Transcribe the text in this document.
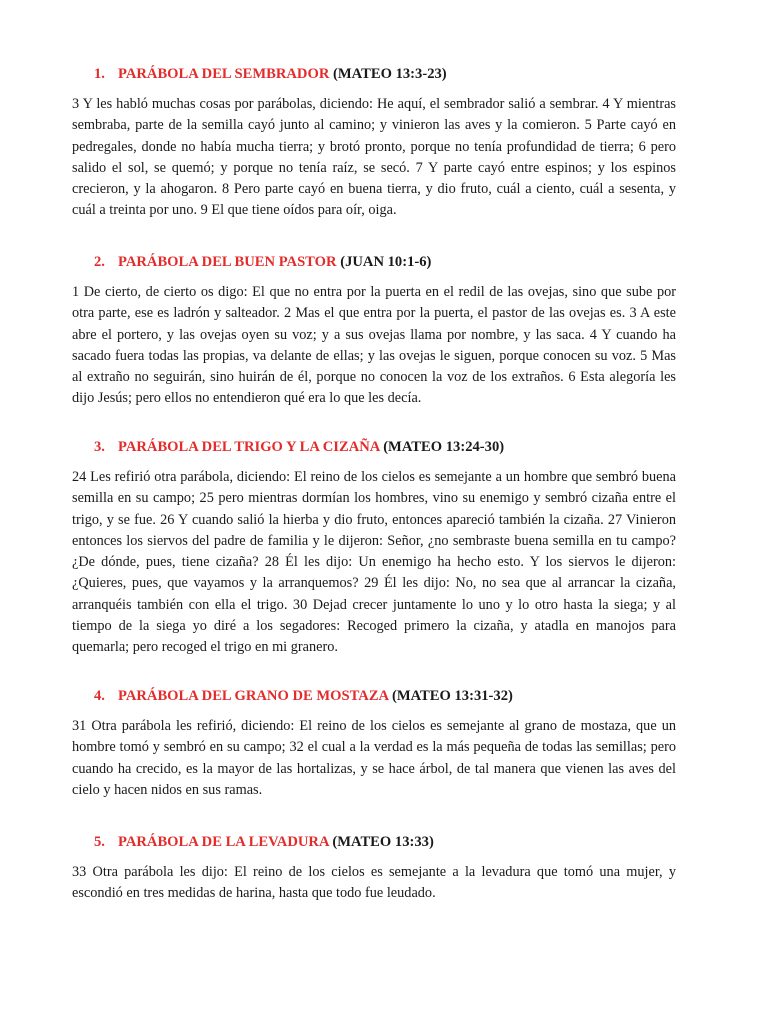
1. PARÁBOLA DEL SEMBRADOR (MATEO 13:3-23)

3 Y les habló muchas cosas por parábolas, diciendo: He aquí, el sembrador salió a sembrar. 4 Y mientras sembraba, parte de la semilla cayó junto al camino; y vinieron las aves y la comieron. 5 Parte cayó en pedregales, donde no había mucha tierra; y brotó pronto, porque no tenía profundidad de tierra; 6 pero salido el sol, se quemó; y porque no tenía raíz, se secó. 7 Y parte cayó entre espinos; y los espinos crecieron, y la ahogaron. 8 Pero parte cayó en buena tierra, y dio fruto, cuál a ciento, cuál a sesenta, y cuál a treinta por uno. 9 El que tiene oídos para oír, oiga.

2. PARÁBOLA DEL BUEN PASTOR (JUAN 10:1-6)

1 De cierto, de cierto os digo: El que no entra por la puerta en el redil de las ovejas, sino que sube por otra parte, ese es ladrón y salteador. 2 Mas el que entra por la puerta, el pastor de las ovejas es. 3 A este abre el portero, y las ovejas oyen su voz; y a sus ovejas llama por nombre, y las saca. 4 Y cuando ha sacado fuera todas las propias, va delante de ellas; y las ovejas le siguen, porque conocen su voz. 5 Mas al extraño no seguirán, sino huirán de él, porque no conocen la voz de los extraños. 6 Esta alegoría les dijo Jesús; pero ellos no entendieron qué era lo que les decía.

3. PARÁBOLA DEL TRIGO Y LA CIZAÑA (MATEO 13:24-30)

24 Les refirió otra parábola, diciendo: El reino de los cielos es semejante a un hombre que sembró buena semilla en su campo; 25 pero mientras dormían los hombres, vino su enemigo y sembró cizaña entre el trigo, y se fue. 26 Y cuando salió la hierba y dio fruto, entonces apareció también la cizaña. 27 Vinieron entonces los siervos del padre de familia y le dijeron: Señor, ¿no sembraste buena semilla en tu campo? ¿De dónde, pues, tiene cizaña? 28 Él les dijo: Un enemigo ha hecho esto. Y los siervos le dijeron: ¿Quieres, pues, que vayamos y la arranquemos? 29 Él les dijo: No, no sea que al arrancar la cizaña, arranquéis también con ella el trigo. 30 Dejad crecer juntamente lo uno y lo otro hasta la siega; y al tiempo de la siega yo diré a los segadores: Recoged primero la cizaña, y atadla en manojos para quemarla; pero recoged el trigo en mi granero.

4. PARÁBOLA DEL GRANO DE MOSTAZA (MATEO 13:31-32)

31 Otra parábola les refirió, diciendo: El reino de los cielos es semejante al grano de mostaza, que un hombre tomó y sembró en su campo; 32 el cual a la verdad es la más pequeña de todas las semillas; pero cuando ha crecido, es la mayor de las hortalizas, y se hace árbol, de tal manera que vienen las aves del cielo y hacen nidos en sus ramas.

5. PARÁBOLA DE LA LEVADURA (MATEO 13:33)

33 Otra parábola les dijo: El reino de los cielos es semejante a la levadura que tomó una mujer, y escondió en tres medidas de harina, hasta que todo fue leudado.
